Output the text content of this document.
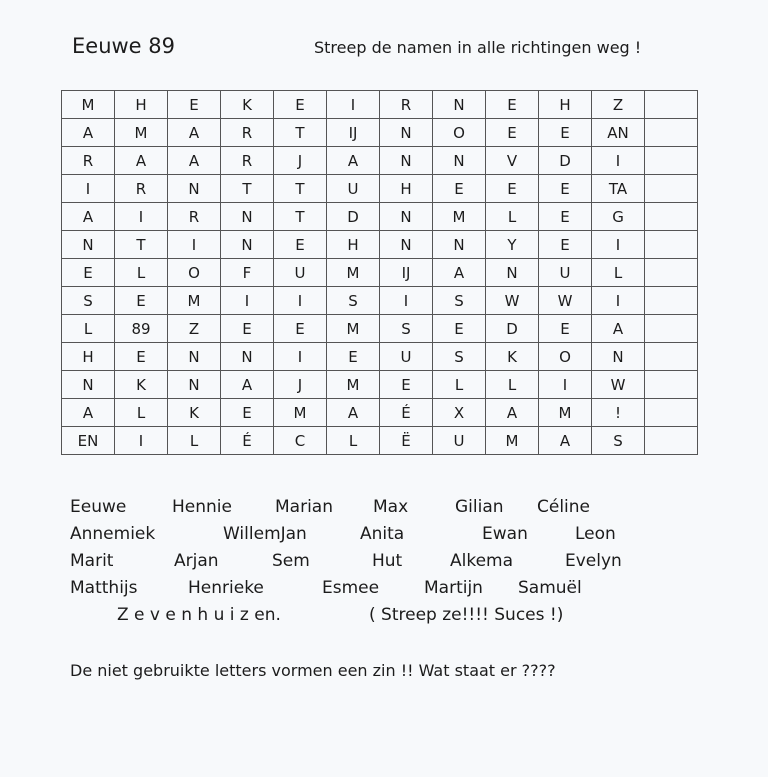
Eeuwe 89	Streep de namen in alle richtingen weg !
M	H	E	K	E	I	R	N	E	H	Z	
A	M	A	R	T	IJ	N	O	E	E	AN	
R	A	A	R	J	A	N	N	V	D	I	
I	R	N	T	T	U	H	E	E	E	TA	
A	I	R	N	T	D	N	M	L	E	G	
N	T	I	N	E	H	N	N	Y	E	I	
E	L	O	F	U	M	IJ	A	N	U	L	
S	E	M	I	I	S	I	S	W	W	I	
L	89	Z	E	E	M	S	E	D	E	A	
H	E	N	N	I	E	U	S	K	O	N	
N	K	N	A	J	M	E	L	L	I	W	
A	L	K	E	M	A	É	X	A	M	!	
EN	I	L	É	C	L	Ë	U	M	A	S	
Eeuwe	Hennie	Marian Max	Gilian Céline
Annemiek	WillemJan	Anita	Ewan	Leon
Marit	Arjan	Sem	Hut	Alkema	Evelyn
Matthijs	Henrieke	Esmee	Martijn Samuël
Z e v e n h u i z en.	( Streep ze!!!! Suces !)
De niet gebruikte letters vormen een zin !! Wat staat er ????
